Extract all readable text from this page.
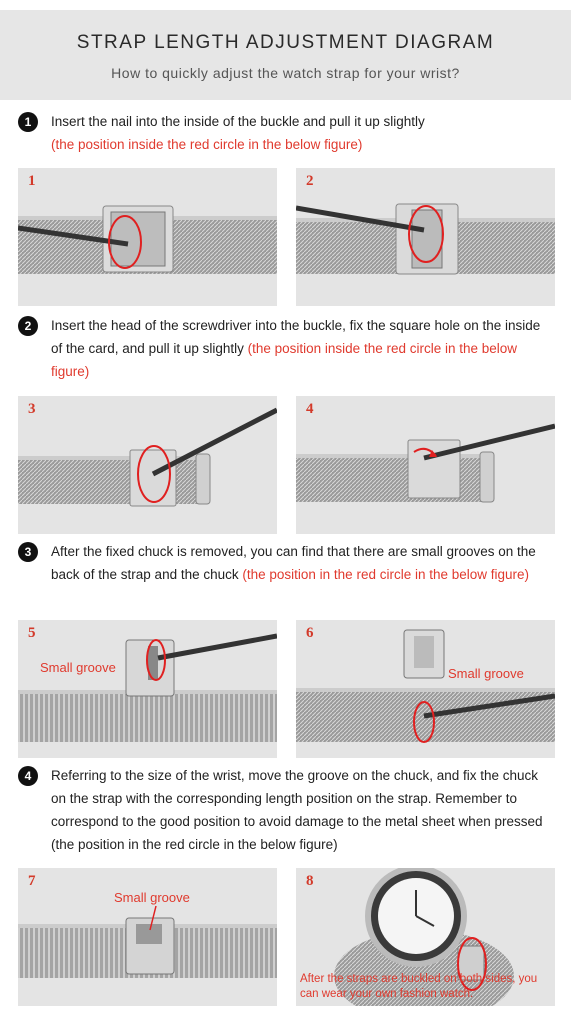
STRAP LENGTH ADJUSTMENT DIAGRAM
How to quickly adjust the watch strap for your wrist?
1	Insert the nail into the inside of the buckle and pull it up slightly
(the position inside the red circle in the below figure)
1	2
2	Insert the head of the screwdriver into the buckle, fix the square hole on the inside of the card, and pull it up slightly (the position inside the red circle in the below figure)
3	4
3	After the fixed chuck is removed, you can find that there are small grooves on the back of the strap and the chuck (the position in the red circle in the below figure)
5
Small groove
6
Small groove
4	Referring to the size of the wrist, move the groove on the chuck, and fix the chuck on the strap with the corresponding length position on the strap. Remember to correspond to the good position to avoid damage to the metal sheet when pressed (the position in the red circle in the below figure)
7
Small groove
8
After the straps are buckled on both sides, you can wear your own fashion watch.
